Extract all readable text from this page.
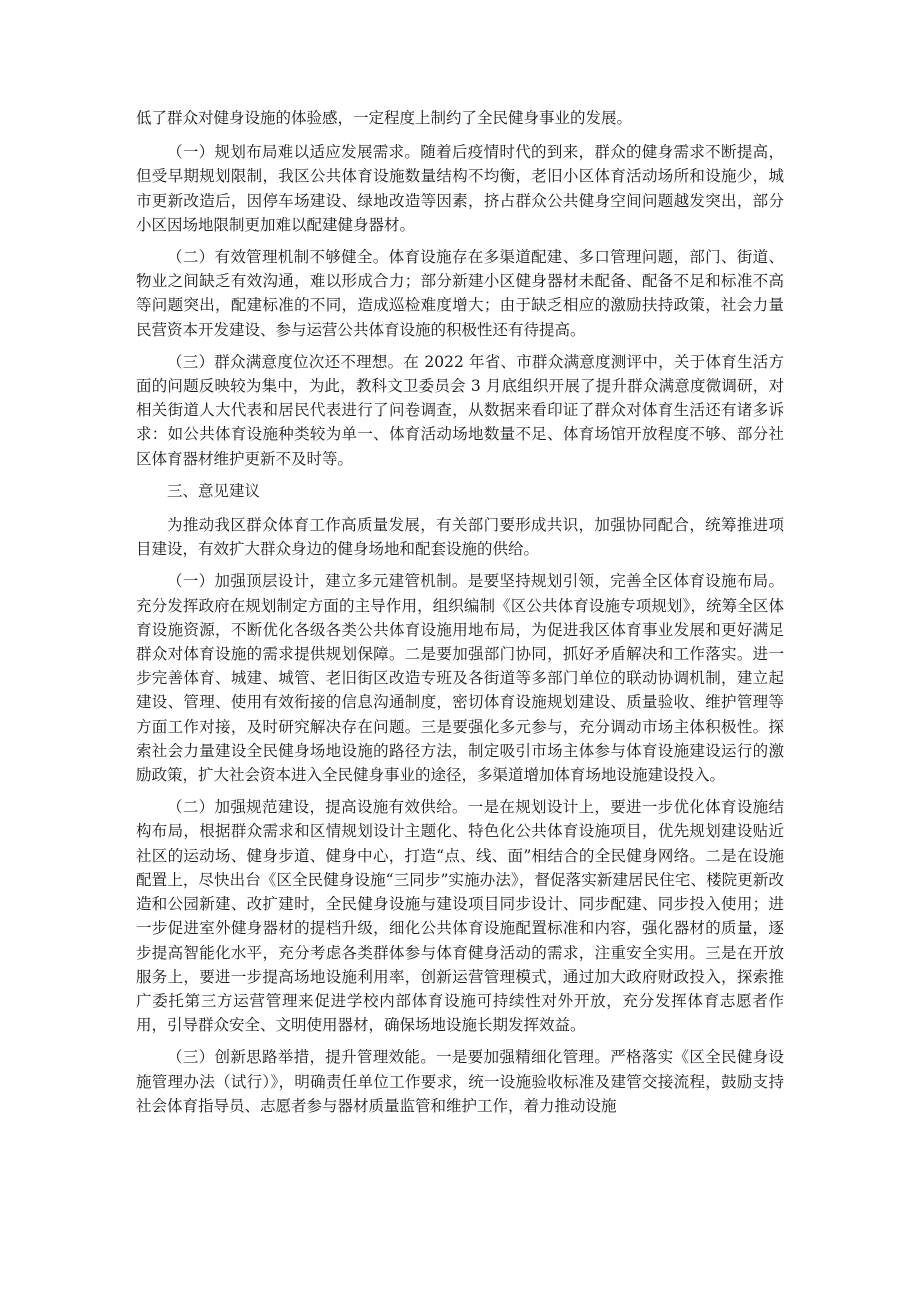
低了群众对健身设施的体验感，一定程度上制约了全民健身事业的发展。

（一）规划布局难以适应发展需求。随着后疫情时代的到来，群众的健身需求不断提高，但受早期规划限制，我区公共体育设施数量结构不均衡，老旧小区体育活动场所和设施少，城市更新改造后，因停车场建设、绿地改造等因素，挤占群众公共健身空间问题越发突出，部分小区因场地限制更加难以配建健身器材。

（二）有效管理机制不够健全。体育设施存在多渠道配建、多口管理问题，部门、街道、物业之间缺乏有效沟通，难以形成合力；部分新建小区健身器材未配备、配备不足和标准不高等问题突出，配建标准的不同，造成巡检难度增大；由于缺乏相应的激励扶持政策，社会力量民营资本开发建设、参与运营公共体育设施的积极性还有待提高。

（三）群众满意度位次还不理想。在 2022 年省、市群众满意度测评中，关于体育生活方面的问题反映较为集中，为此，教科文卫委员会 3 月底组织开展了提升群众满意度微调研，对相关街道人大代表和居民代表进行了问卷调查，从数据来看印证了群众对体育生活还有诸多诉求：如公共体育设施种类较为单一、体育活动场地数量不足、体育场馆开放程度不够、部分社区体育器材维护更新不及时等。

三、意见建议

为推动我区群众体育工作高质量发展，有关部门要形成共识，加强协同配合，统筹推进项目建设，有效扩大群众身边的健身场地和配套设施的供给。

（一）加强顶层设计，建立多元建管机制。是要坚持规划引领，完善全区体育设施布局。充分发挥政府在规划制定方面的主导作用，组织编制《区公共体育设施专项规划》，统筹全区体育设施资源，不断优化各级各类公共体育设施用地布局，为促进我区体育事业发展和更好满足群众对体育设施的需求提供规划保障。二是要加强部门协同，抓好矛盾解决和工作落实。进一步完善体育、城建、城管、老旧街区改造专班及各街道等多部门单位的联动协调机制，建立起建设、管理、使用有效衔接的信息沟通制度，密切体育设施规划建设、质量验收、维护管理等方面工作对接，及时研究解决存在问题。三是要强化多元参与，充分调动市场主体积极性。探索社会力量建设全民健身场地设施的路径方法，制定吸引市场主体参与体育设施建设运行的激励政策，扩大社会资本进入全民健身事业的途径，多渠道增加体育场地设施建设投入。

（二）加强规范建设，提高设施有效供给。一是在规划设计上，要进一步优化体育设施结构布局，根据群众需求和区情规划设计主题化、特色化公共体育设施项目，优先规划建设贴近社区的运动场、健身步道、健身中心，打造“点、线、面”相结合的全民健身网络。二是在设施配置上，尽快出台《区全民健身设施“三同步”实施办法》，督促落实新建居民住宅、楼院更新改造和公园新建、改扩建时，全民健身设施与建设项目同步设计、同步配建、同步投入使用；进一步促进室外健身器材的提档升级，细化公共体育设施配置标准和内容，强化器材的质量，逐步提高智能化水平，充分考虑各类群体参与体育健身活动的需求，注重安全实用。三是在开放服务上，要进一步提高场地设施利用率，创新运营管理模式，通过加大政府财政投入，探索推广委托第三方运营管理来促进学校内部体育设施可持续性对外开放，充分发挥体育志愿者作用，引导群众安全、文明使用器材，确保场地设施长期发挥效益。

（三）创新思路举措，提升管理效能。一是要加强精细化管理。严格落实《区全民健身设施管理办法（试行）》，明确责任单位工作要求，统一设施验收标准及建管交接流程，鼓励支持社会体育指导员、志愿者参与器材质量监管和维护工作，着力推动设施
